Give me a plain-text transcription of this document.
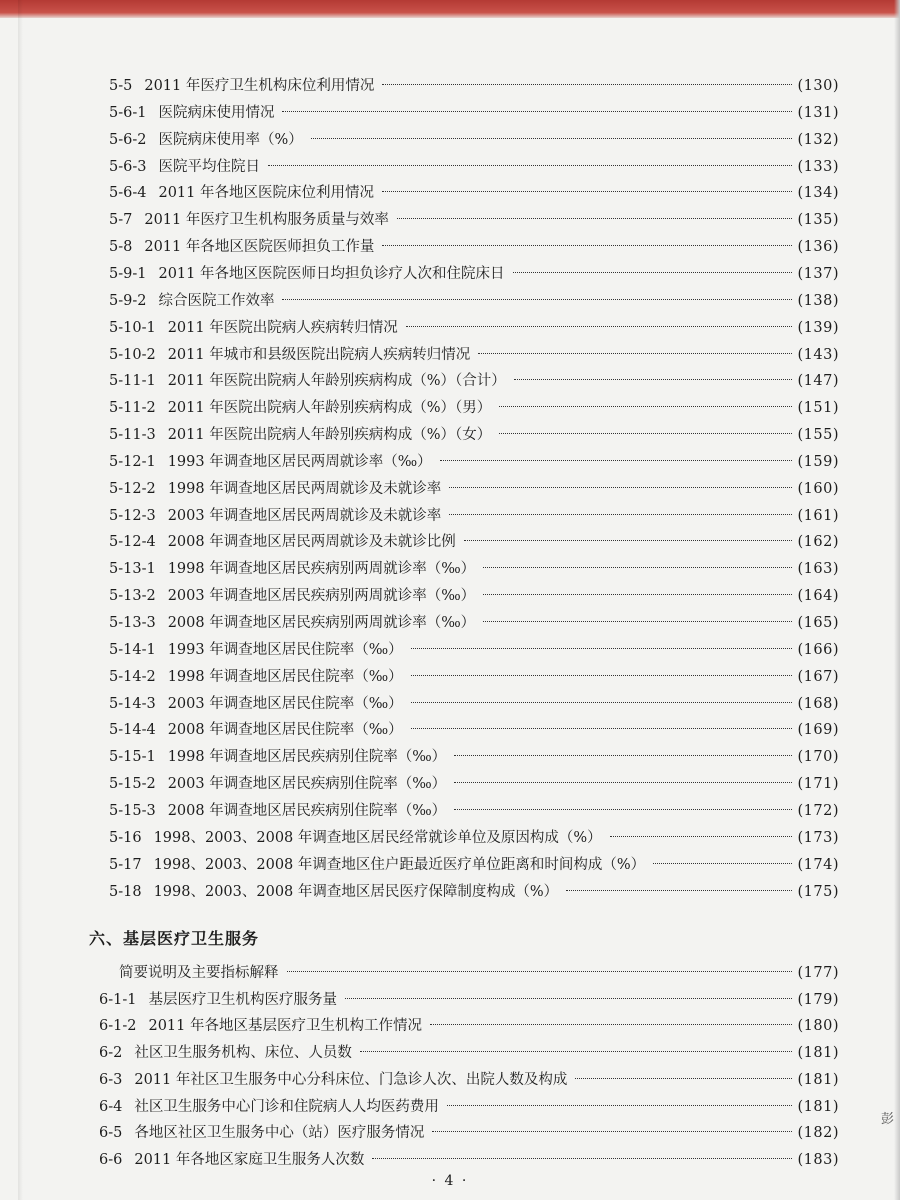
5-5 2011 年医疗卫生机构床位利用情况	(130)
5-6-1 医院病床使用情况	(131)
5-6-2 医院病床使用率（%）	(132)
5-6-3 医院平均住院日	(133)
5-6-4 2011 年各地区医院床位利用情况	(134)
5-7 2011 年医疗卫生机构服务质量与效率	(135)
5-8 2011 年各地区医院医师担负工作量	(136)
5-9-1 2011 年各地区医院医师日均担负诊疗人次和住院床日	(137)
5-9-2 综合医院工作效率	(138)
5-10-1 2011 年医院出院病人疾病转归情况	(139)
5-10-2 2011 年城市和县级医院出院病人疾病转归情况	(143)
5-11-1 2011 年医院出院病人年龄别疾病构成（%）（合计）	(147)
5-11-2 2011 年医院出院病人年龄别疾病构成（%）（男）	(151)
5-11-3 2011 年医院出院病人年龄别疾病构成（%）（女）	(155)
5-12-1 1993 年调查地区居民两周就诊率（‰）	(159)
5-12-2 1998 年调查地区居民两周就诊及未就诊率	(160)
5-12-3 2003 年调查地区居民两周就诊及未就诊率	(161)
5-12-4 2008 年调查地区居民两周就诊及未就诊比例	(162)
5-13-1 1998 年调查地区居民疾病别两周就诊率（‰）	(163)
5-13-2 2003 年调查地区居民疾病别两周就诊率（‰）	(164)
5-13-3 2008 年调查地区居民疾病别两周就诊率（‰）	(165)
5-14-1 1993 年调查地区居民住院率（‰）	(166)
5-14-2 1998 年调查地区居民住院率（‰）	(167)
5-14-3 2003 年调查地区居民住院率（‰）	(168)
5-14-4 2008 年调查地区居民住院率（‰）	(169)
5-15-1 1998 年调查地区居民疾病别住院率（‰）	(170)
5-15-2 2003 年调查地区居民疾病别住院率（‰）	(171)
5-15-3 2008 年调查地区居民疾病别住院率（‰）	(172)
5-16 1998、2003、2008 年调查地区居民经常就诊单位及原因构成（%）	(173)
5-17 1998、2003、2008 年调查地区住户距最近医疗单位距离和时间构成（%）	(174)
5-18 1998、2003、2008 年调查地区居民医疗保障制度构成（%）	(175)
六、基层医疗卫生服务
简要说明及主要指标解释	(177)
6-1-1 基层医疗卫生机构医疗服务量	(179)
6-1-2 2011 年各地区基层医疗卫生机构工作情况	(180)
6-2 社区卫生服务机构、床位、人员数	(181)
6-3 2011 年社区卫生服务中心分科床位、门急诊人次、出院人数及构成	(181)
6-4 社区卫生服务中心门诊和住院病人人均医药费用	(181)
6-5 各地区社区卫生服务中心（站）医疗服务情况	(182)
6-6 2011 年各地区家庭卫生服务人次数	(183)
· 4 ·
彭
